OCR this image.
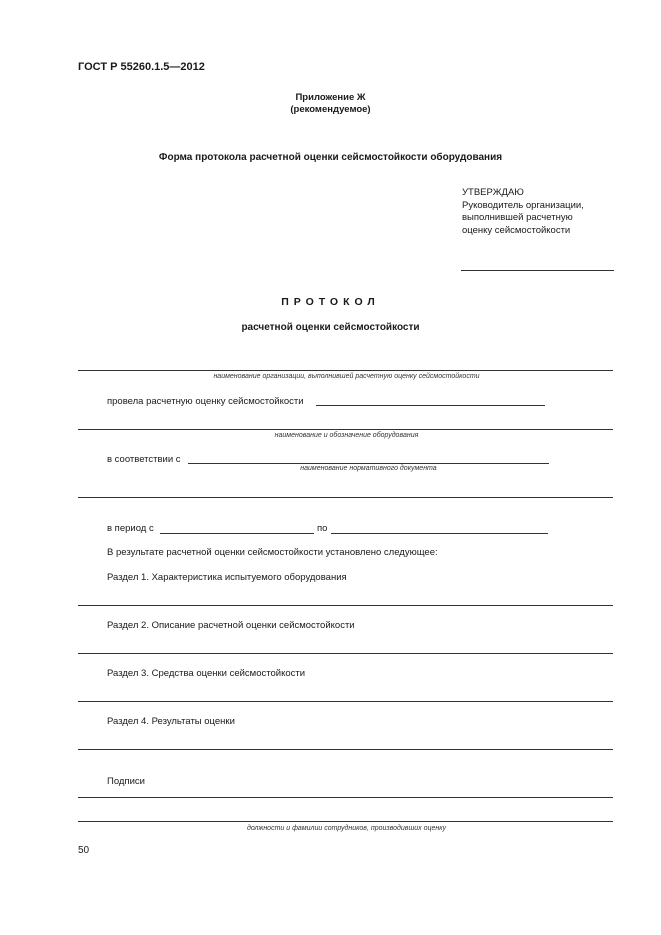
ГОСТ Р 55260.1.5—2012
Приложение Ж
(рекомендуемое)
Форма протокола расчетной оценки сейсмостойкости оборудования
УТВЕРЖДАЮ
Руководитель организации,
выполнившей расчетную
оценку сейсмостойкости
ПРОТОКОЛ
расчетной оценки сейсмостойкости
наименование организации, выполнившей расчетную оценку сейсмостойкости
провела расчетную оценку сейсмостойкости
наименование и обозначение оборудования
в соответствии с
наименование нормативного документа
в период с	по
В результате расчетной оценки сейсмостойкости установлено следующее:
Раздел 1. Характеристика испытуемого оборудования
Раздел 2. Описание расчетной оценки сейсмостойкости
Раздел 3. Средства оценки сейсмостойкости
Раздел 4. Результаты оценки
Подписи
должности и фамилии сотрудников, производивших оценку
50
